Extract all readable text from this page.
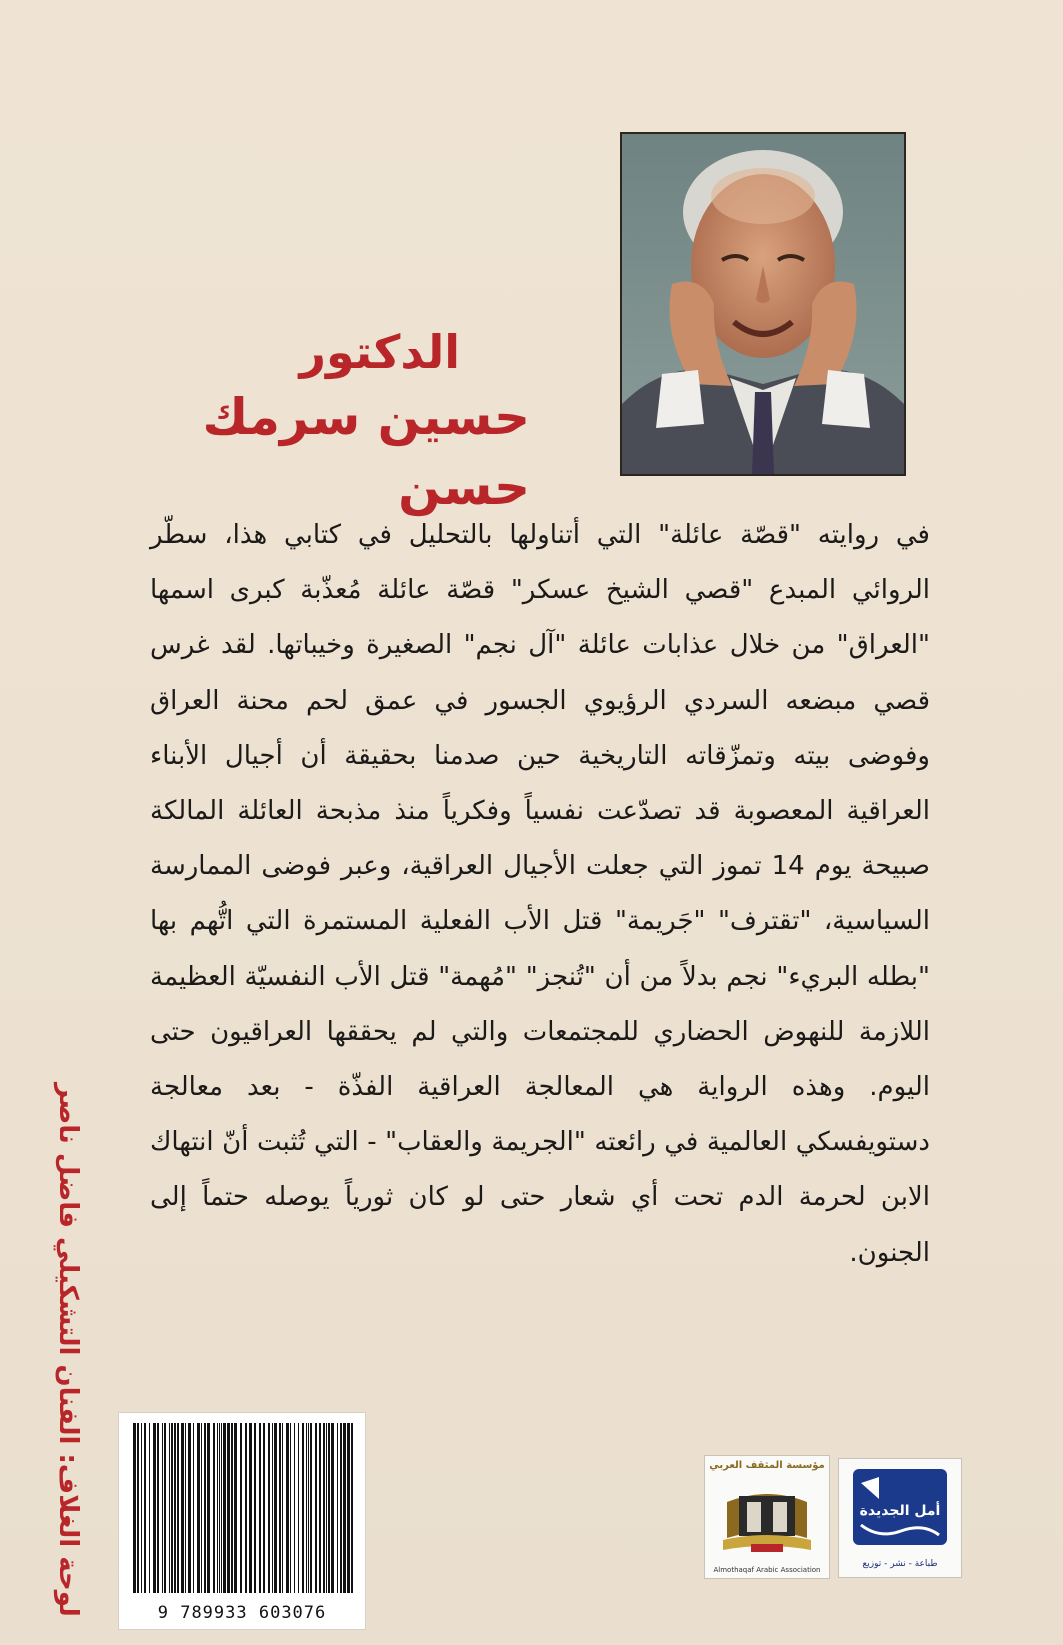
الدكتور
حسين سرمك حسن

في روايته "قصّة عائلة" التي أتناولها بالتحليل في كتابي هذا، سطّر الروائي المبدع "قصي الشيخ عسكر" قصّة عائلة مُعذّبة كبرى اسمها "العراق" من خلال عذابات عائلة "آل نجم" الصغيرة وخيباتها. لقد غرس قصي مبضعه السردي الرؤيوي الجسور في عمق لحم محنة العراق وفوضى بيته وتمزّقاته التاريخية حين صدمنا بحقيقة أن أجيال الأبناء العراقية المعصوبة قد تصدّعت نفسياً وفكرياً منذ مذبحة العائلة المالكة صبيحة يوم 14 تموز التي جعلت الأجيال العراقية، وعبر فوضى الممارسة السياسية، "تقترف" "جَريمة" قتل الأب الفعلية المستمرة التي اتُّهم بها "بطله البريء" نجم بدلاً من أن "تُنجز" "مُهمة" قتل الأب النفسيّة العظيمة اللازمة للنهوض الحضاري للمجتمعات والتي لم يحققها العراقيون حتى اليوم. وهذه الرواية هي المعالجة العراقية الفذّة - بعد معالجة دستويفسكي العالمية في رائعته "الجريمة والعقاب" - التي تُثبت أنّ انتهاك الابن لحرمة الدم تحت أي شعار حتى لو كان ثورياً يوصله حتماً إلى الجنون.

لوحة الغلاف: الفنان التشكيلي فاضل ناصر	9 789933 603076
مؤسسة المثقف العربي
Almothaqaf Arabic Association
أمل الجديدة
طباعة - نشر - توزيع
